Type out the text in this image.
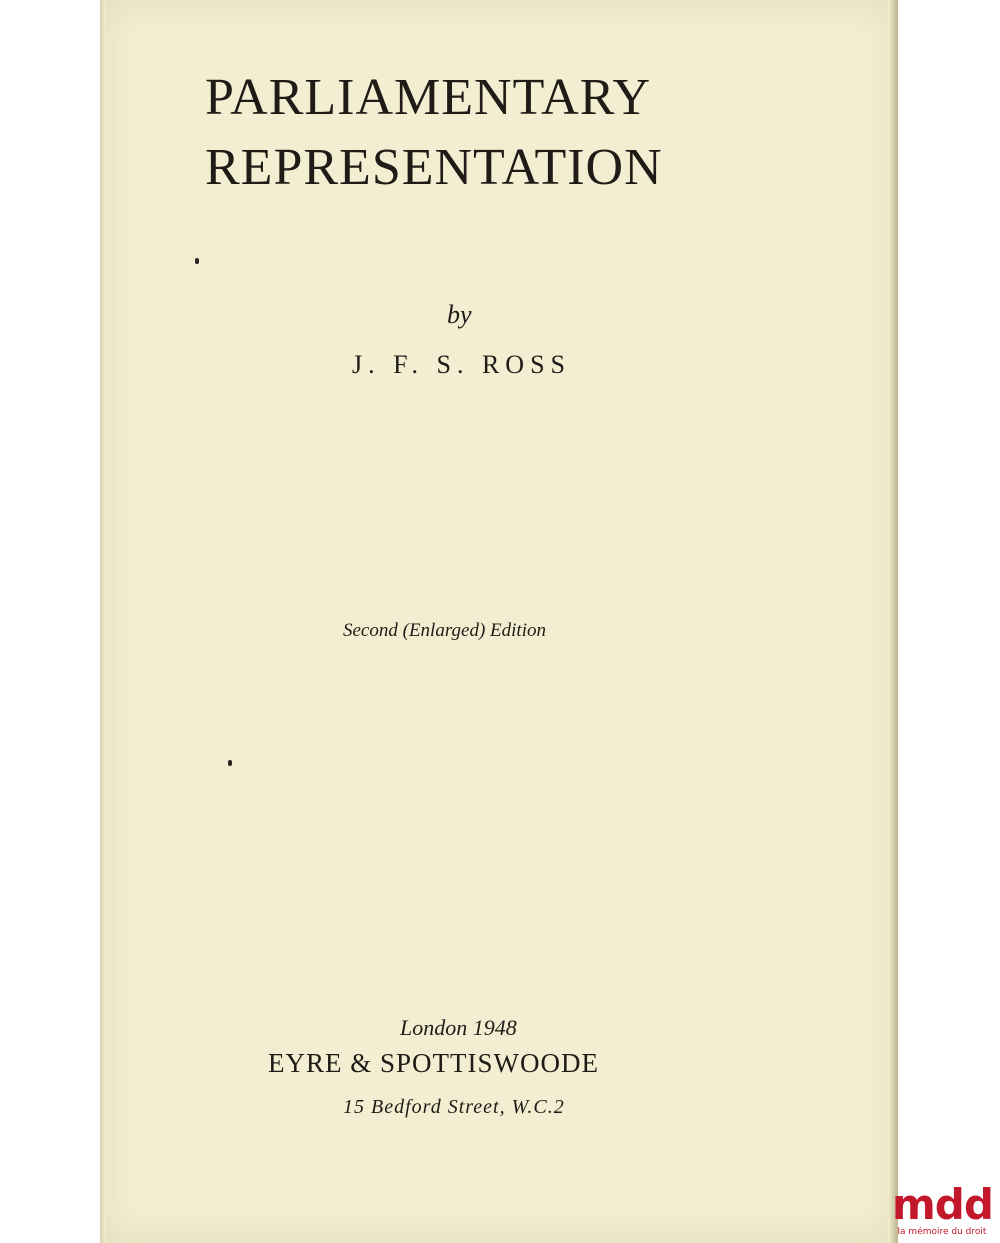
PARLIAMENTARY
REPRESENTATION
by
J. F. S. ROSS
Second (Enlarged) Edition
London 1948
EYRE & SPOTTISWOODE
15 Bedford Street, W.C.2
mdd
la mémoire du droit
